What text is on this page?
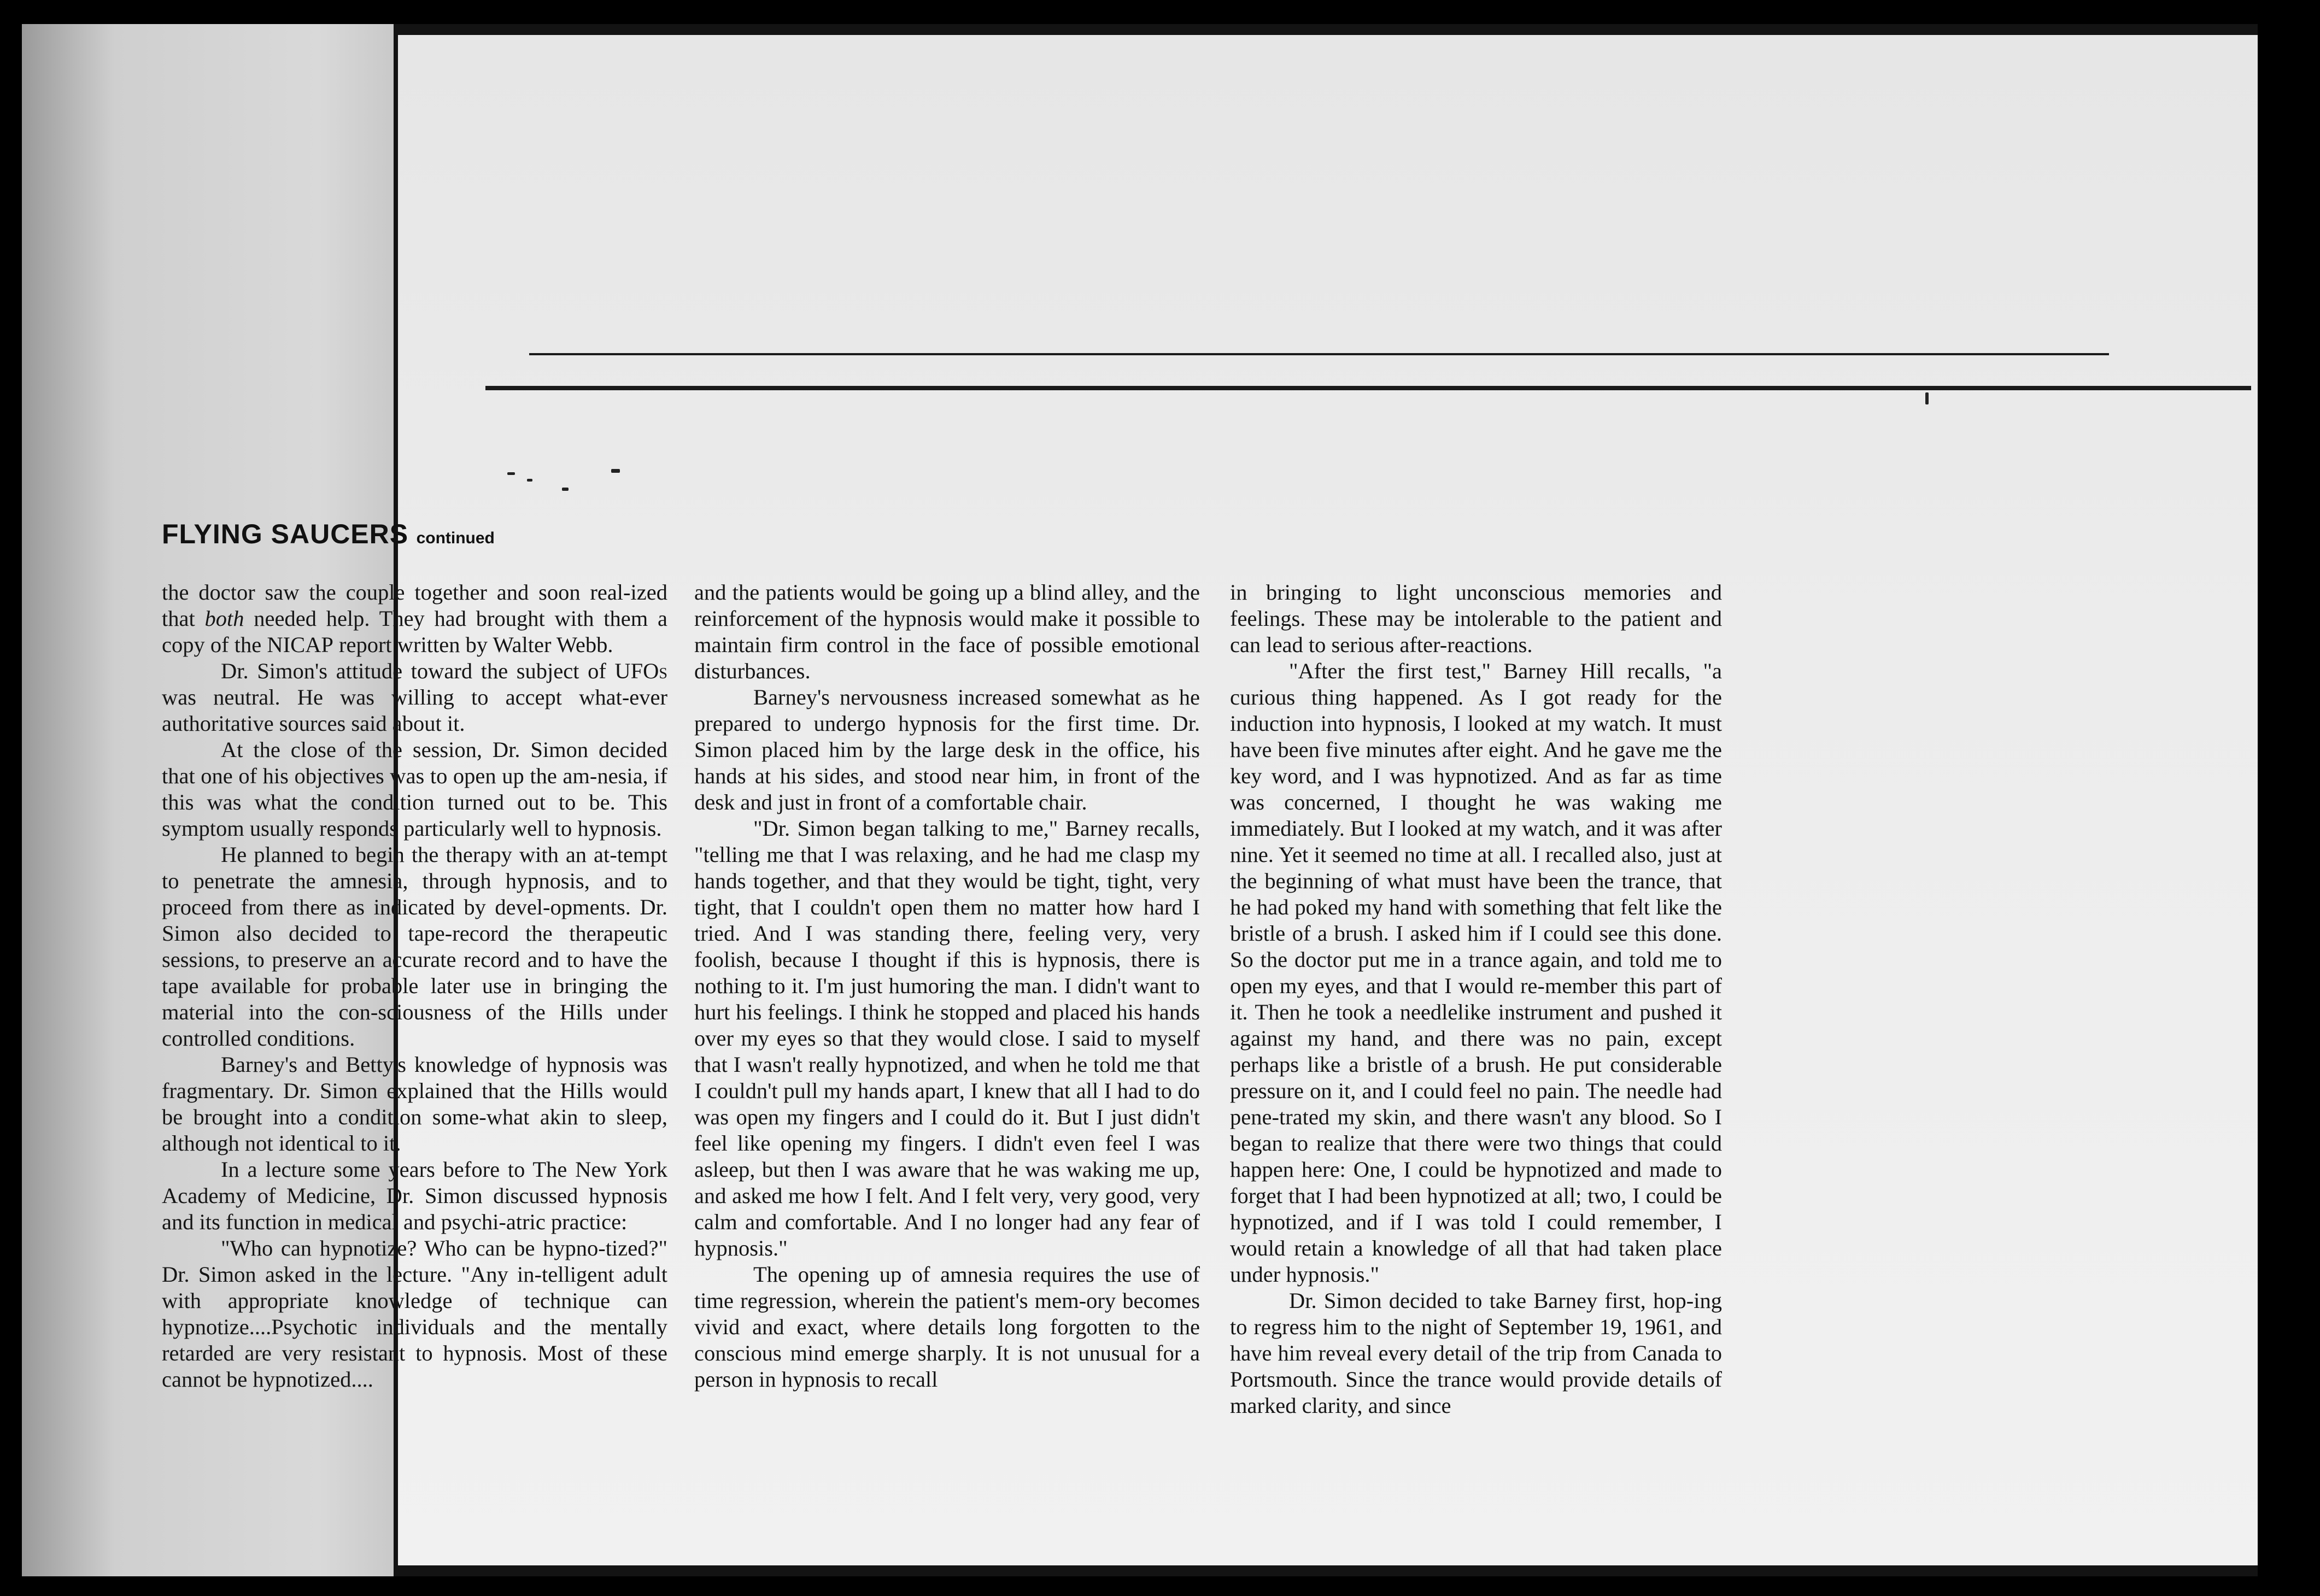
FLYING SAUCERS continued

the doctor saw the couple together and soon real-ized that both needed help. They had brought with them a copy of the NICAP report written by Walter Webb.

Dr. Simon's attitude toward the subject of UFOs was neutral. He was willing to accept what-ever authoritative sources said about it.

At the close of the session, Dr. Simon decided that one of his objectives was to open up the am-nesia, if this was what the condition turned out to be. This symptom usually responds particularly well to hypnosis.

He planned to begin the therapy with an at-tempt to penetrate the amnesia, through hypnosis, and to proceed from there as indicated by devel-opments. Dr. Simon also decided to tape-record the therapeutic sessions, to preserve an accurate record and to have the tape available for probable later use in bringing the material into the con-sciousness of the Hills under controlled conditions.

Barney's and Betty's knowledge of hypnosis was fragmentary. Dr. Simon explained that the Hills would be brought into a condition some-what akin to sleep, although not identical to it.

In a lecture some years before to The New York Academy of Medicine, Dr. Simon discussed hypnosis and its function in medical and psychi-atric practice:

"Who can hypnotize? Who can be hypno-tized?" Dr. Simon asked in the lecture. "Any in-telligent adult with appropriate knowledge of technique can hypnotize....Psychotic individuals and the mentally retarded are very resistant to hypnosis. Most of these cannot be hypnotized....

and the patients would be going up a blind alley, and the reinforcement of the hypnosis would make it possible to maintain firm control in the face of possible emotional disturbances.

Barney's nervousness increased somewhat as he prepared to undergo hypnosis for the first time. Dr. Simon placed him by the large desk in the office, his hands at his sides, and stood near him, in front of the desk and just in front of a comfortable chair.

"Dr. Simon began talking to me," Barney recalls, "telling me that I was relaxing, and he had me clasp my hands together, and that they would be tight, tight, very tight, that I couldn't open them no matter how hard I tried. And I was standing there, feeling very, very foolish, because I thought if this is hypnosis, there is nothing to it. I'm just humoring the man. I didn't want to hurt his feelings. I think he stopped and placed his hands over my eyes so that they would close. I said to myself that I wasn't really hypnotized, and when he told me that I couldn't pull my hands apart, I knew that all I had to do was open my fingers and I could do it. But I just didn't feel like opening my fingers. I didn't even feel I was asleep, but then I was aware that he was waking me up, and asked me how I felt. And I felt very, very good, very calm and comfortable. And I no longer had any fear of hypnosis."

The opening up of amnesia requires the use of time regression, wherein the patient's mem-ory becomes vivid and exact, where details long forgotten to the conscious mind emerge sharply. It is not unusual for a person in hypnosis to recall

in bringing to light unconscious memories and feelings. These may be intolerable to the patient and can lead to serious after-reactions.

"After the first test," Barney Hill recalls, "a curious thing happened. As I got ready for the induction into hypnosis, I looked at my watch. It must have been five minutes after eight. And he gave me the key word, and I was hypnotized. And as far as time was concerned, I thought he was waking me immediately. But I looked at my watch, and it was after nine. Yet it seemed no time at all. I recalled also, just at the beginning of what must have been the trance, that he had poked my hand with something that felt like the bristle of a brush. I asked him if I could see this done. So the doctor put me in a trance again, and told me to open my eyes, and that I would re-member this part of it. Then he took a needlelike instrument and pushed it against my hand, and there was no pain, except perhaps like a bristle of a brush. He put considerable pressure on it, and I could feel no pain. The needle had pene-trated my skin, and there wasn't any blood. So I began to realize that there were two things that could happen here: One, I could be hypnotized and made to forget that I had been hypnotized at all; two, I could be hypnotized, and if I was told I could remember, I would retain a knowledge of all that had taken place under hypnosis."

Dr. Simon decided to take Barney first, hop-ing to regress him to the night of September 19, 1961, and have him reveal every detail of the trip from Canada to Portsmouth. Since the trance would provide details of marked clarity, and since
